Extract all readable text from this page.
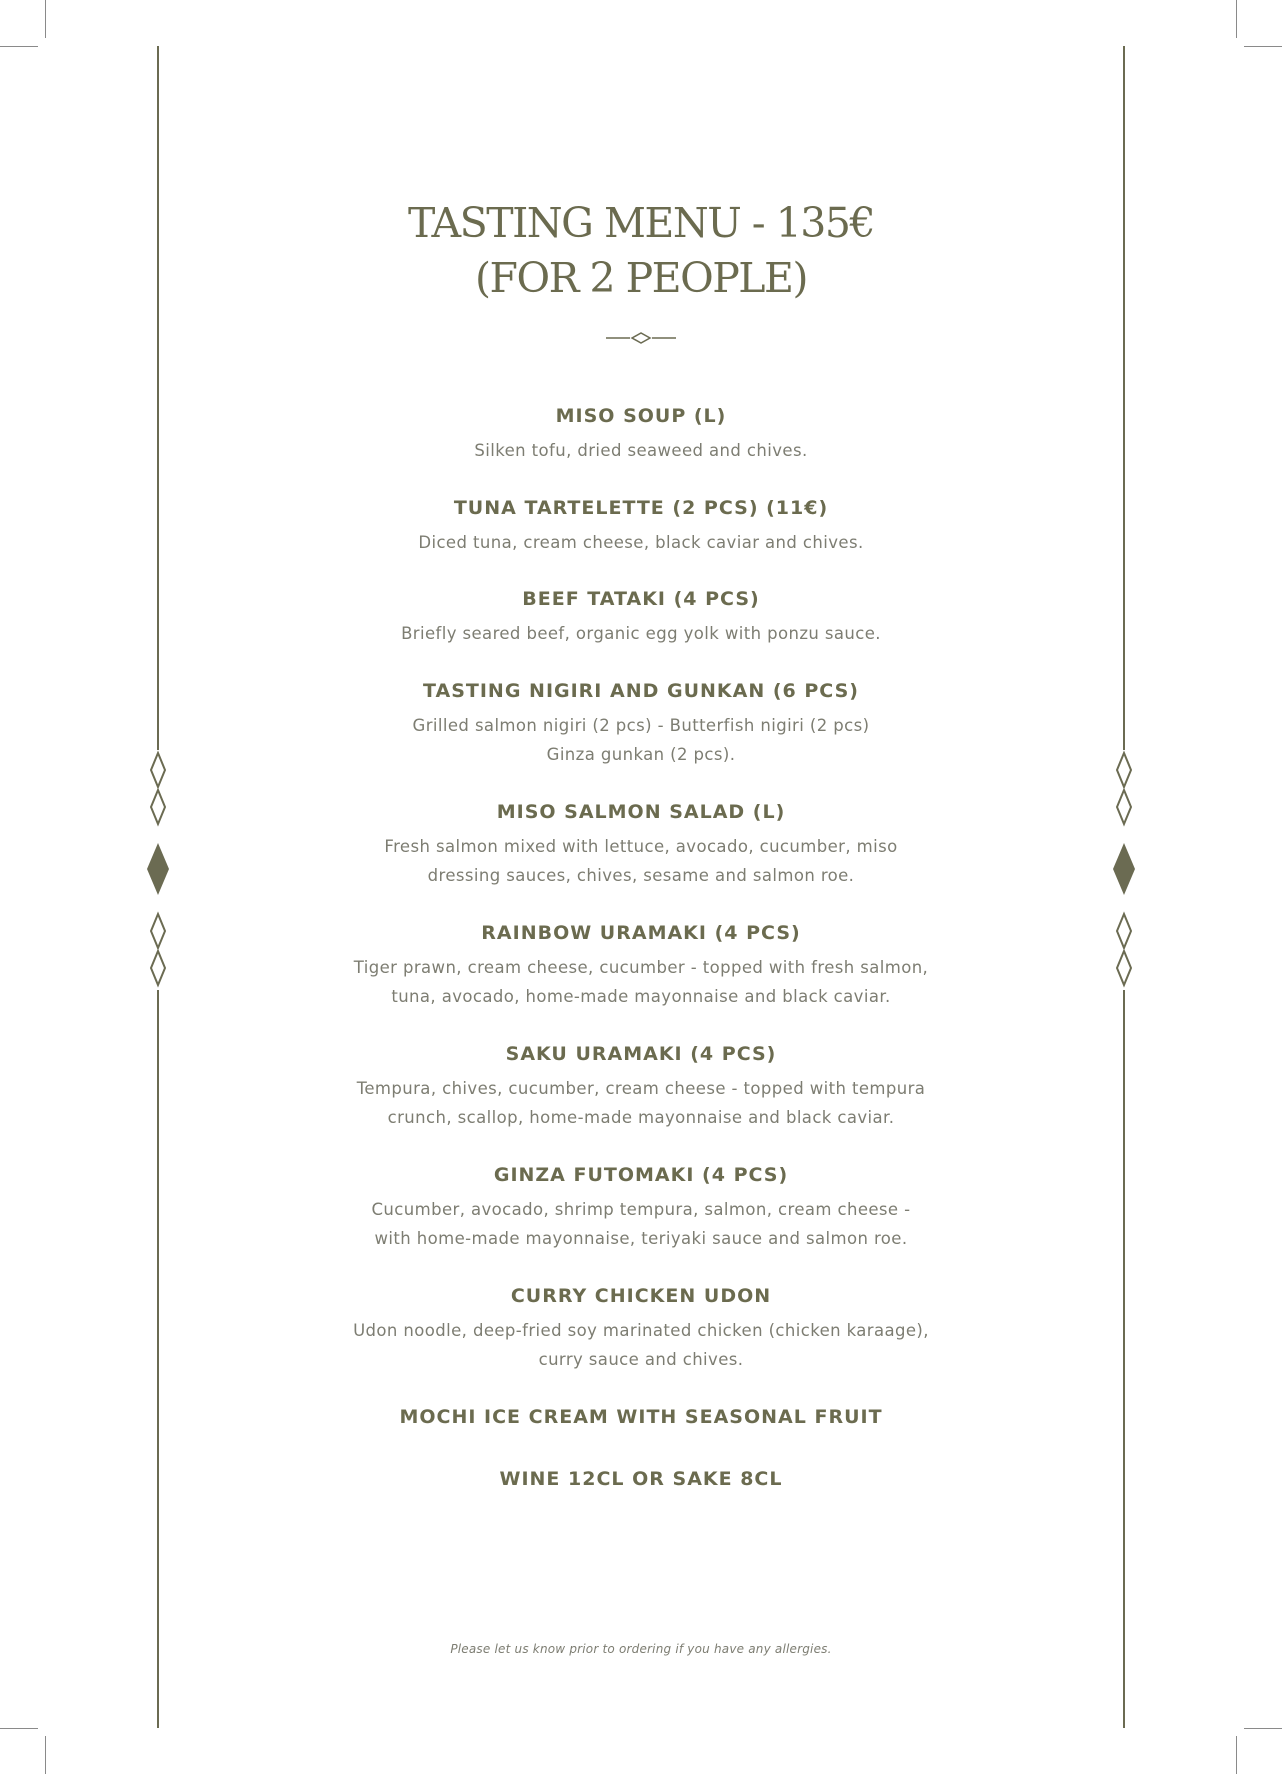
TASTING MENU - 135€
(FOR 2 PEOPLE)
MISO SOUP (L)
Silken tofu, dried seaweed and chives.
TUNA TARTELETTE (2 PCS) (11€)
Diced tuna, cream cheese, black caviar and chives.
BEEF TATAKI (4 PCS)
Briefly seared beef, organic egg yolk with ponzu sauce.
TASTING NIGIRI AND GUNKAN (6 PCS)
Grilled salmon nigiri (2 pcs) - Butterfish nigiri (2 pcs)
Ginza gunkan (2 pcs).
MISO SALMON SALAD (L)
Fresh salmon mixed with lettuce, avocado, cucumber, miso
dressing sauces, chives, sesame and salmon roe.
RAINBOW URAMAKI (4 PCS)
Tiger prawn, cream cheese, cucumber - topped with fresh salmon,
tuna, avocado, home-made mayonnaise and black caviar.
SAKU URAMAKI (4 PCS)
Tempura, chives, cucumber, cream cheese - topped with tempura
crunch, scallop, home-made mayonnaise and black caviar.
GINZA FUTOMAKI (4 PCS)
Cucumber, avocado, shrimp tempura, salmon, cream cheese -
with home-made mayonnaise, teriyaki sauce and salmon roe.
CURRY CHICKEN UDON
Udon noodle, deep-fried soy marinated chicken (chicken karaage),
curry sauce and chives.
MOCHI ICE CREAM WITH SEASONAL FRUIT
WINE 12CL OR SAKE 8CL
Please let us know prior to ordering if you have any allergies.
